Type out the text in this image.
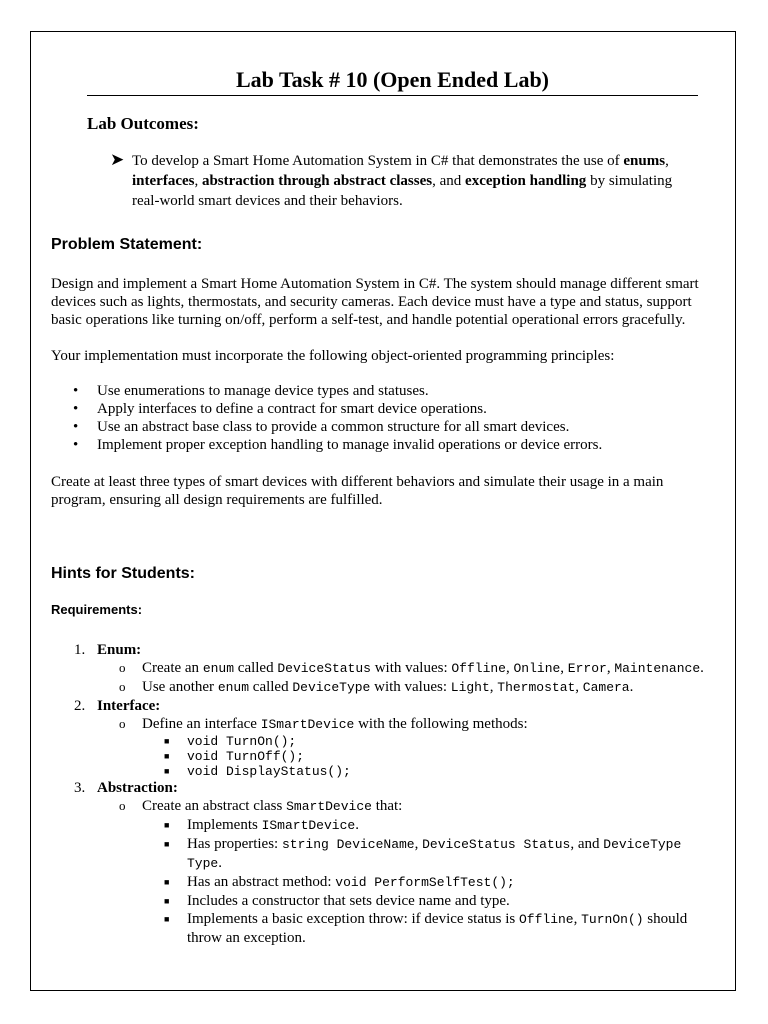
Lab Task # 10 (Open Ended Lab)
Lab Outcomes:
➤ To develop a Smart Home Automation System in C# that demonstrates the use of enums, interfaces, abstraction through abstract classes, and exception handling by simulating real-world smart devices and their behaviors.
Problem Statement:
Design and implement a Smart Home Automation System in C#. The system should manage different smart devices such as lights, thermostats, and security cameras. Each device must have a type and status, support basic operations like turning on/off, perform a self-test, and handle potential operational errors gracefully.
Your implementation must incorporate the following object-oriented programming principles:
• Use enumerations to manage device types and statuses.
• Apply interfaces to define a contract for smart device operations.
• Use an abstract base class to provide a common structure for all smart devices.
• Implement proper exception handling to manage invalid operations or device errors.
Create at least three types of smart devices with different behaviors and simulate their usage in a main program, ensuring all design requirements are fulfilled.
Hints for Students:
Requirements:
1. Enum:
o Create an enum called DeviceStatus with values: Offline, Online, Error, Maintenance.
o Use another enum called DeviceType with values: Light, Thermostat, Camera.
2. Interface:
o Define an interface ISmartDevice with the following methods:
■ void TurnOn();
■ void TurnOff();
■ void DisplayStatus();
3. Abstraction:
o Create an abstract class SmartDevice that:
■ Implements ISmartDevice.
■ Has properties: string DeviceName, DeviceStatus Status, and DeviceType Type.
■ Has an abstract method: void PerformSelfTest();
■ Includes a constructor that sets device name and type.
■ Implements a basic exception throw: if device status is Offline, TurnOn() should throw an exception.
